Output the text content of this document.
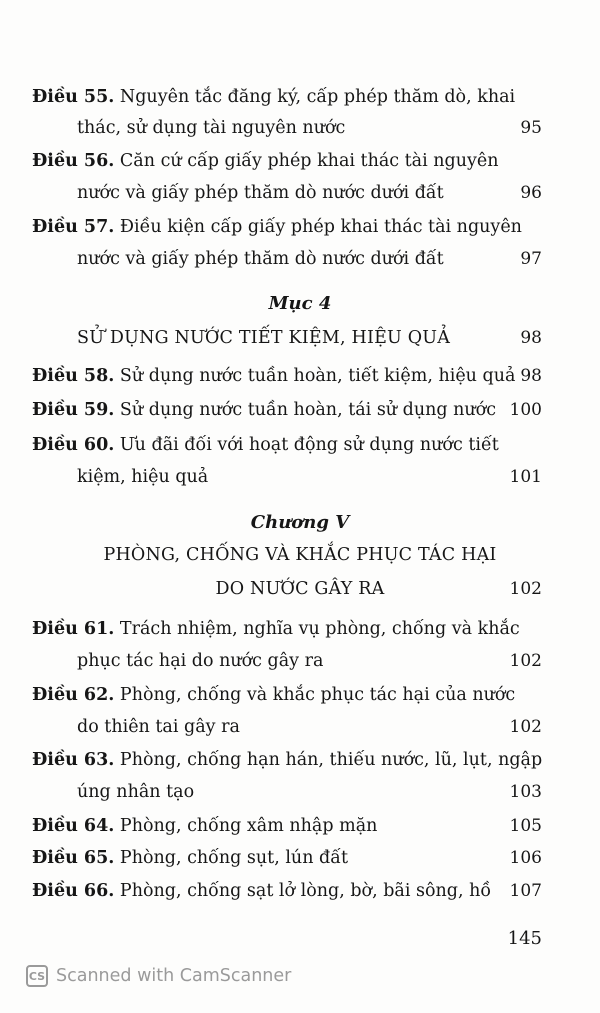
Điều 55. Nguyên tắc đăng ký, cấp phép thăm dò, khai
thác, sử dụng tài nguyên nước	95
Điều 56. Căn cứ cấp giấy phép khai thác tài nguyên
nước và giấy phép thăm dò nước dưới đất	96
Điều 57. Điều kiện cấp giấy phép khai thác tài nguyên
nước và giấy phép thăm dò nước dưới đất	97
Mục 4
SỬ DỤNG NƯỚC TIẾT KIỆM, HIỆU QUẢ	98
Điều 58. Sử dụng nước tuần hoàn, tiết kiệm, hiệu quả 98
Điều 59. Sử dụng nước tuần hoàn, tái sử dụng nước 100
Điều 60. Ưu đãi đối với hoạt động sử dụng nước tiết
kiệm, hiệu quả	101
Chương V
PHÒNG, CHỐNG VÀ KHẮC PHỤC TÁC HẠI
DO NƯỚC GÂY RA	102
Điều 61. Trách nhiệm, nghĩa vụ phòng, chống và khắc
phục tác hại do nước gây ra	102
Điều 62. Phòng, chống và khắc phục tác hại của nước
do thiên tai gây ra	102
Điều 63. Phòng, chống hạn hán, thiếu nước, lũ, lụt, ngập
úng nhân tạo	103
Điều 64. Phòng, chống xâm nhập mặn	105
Điều 65. Phòng, chống sụt, lún đất	106
Điều 66. Phòng, chống sạt lở lòng, bờ, bãi sông, hồ 107
145
CS Scanned with CamScanner
